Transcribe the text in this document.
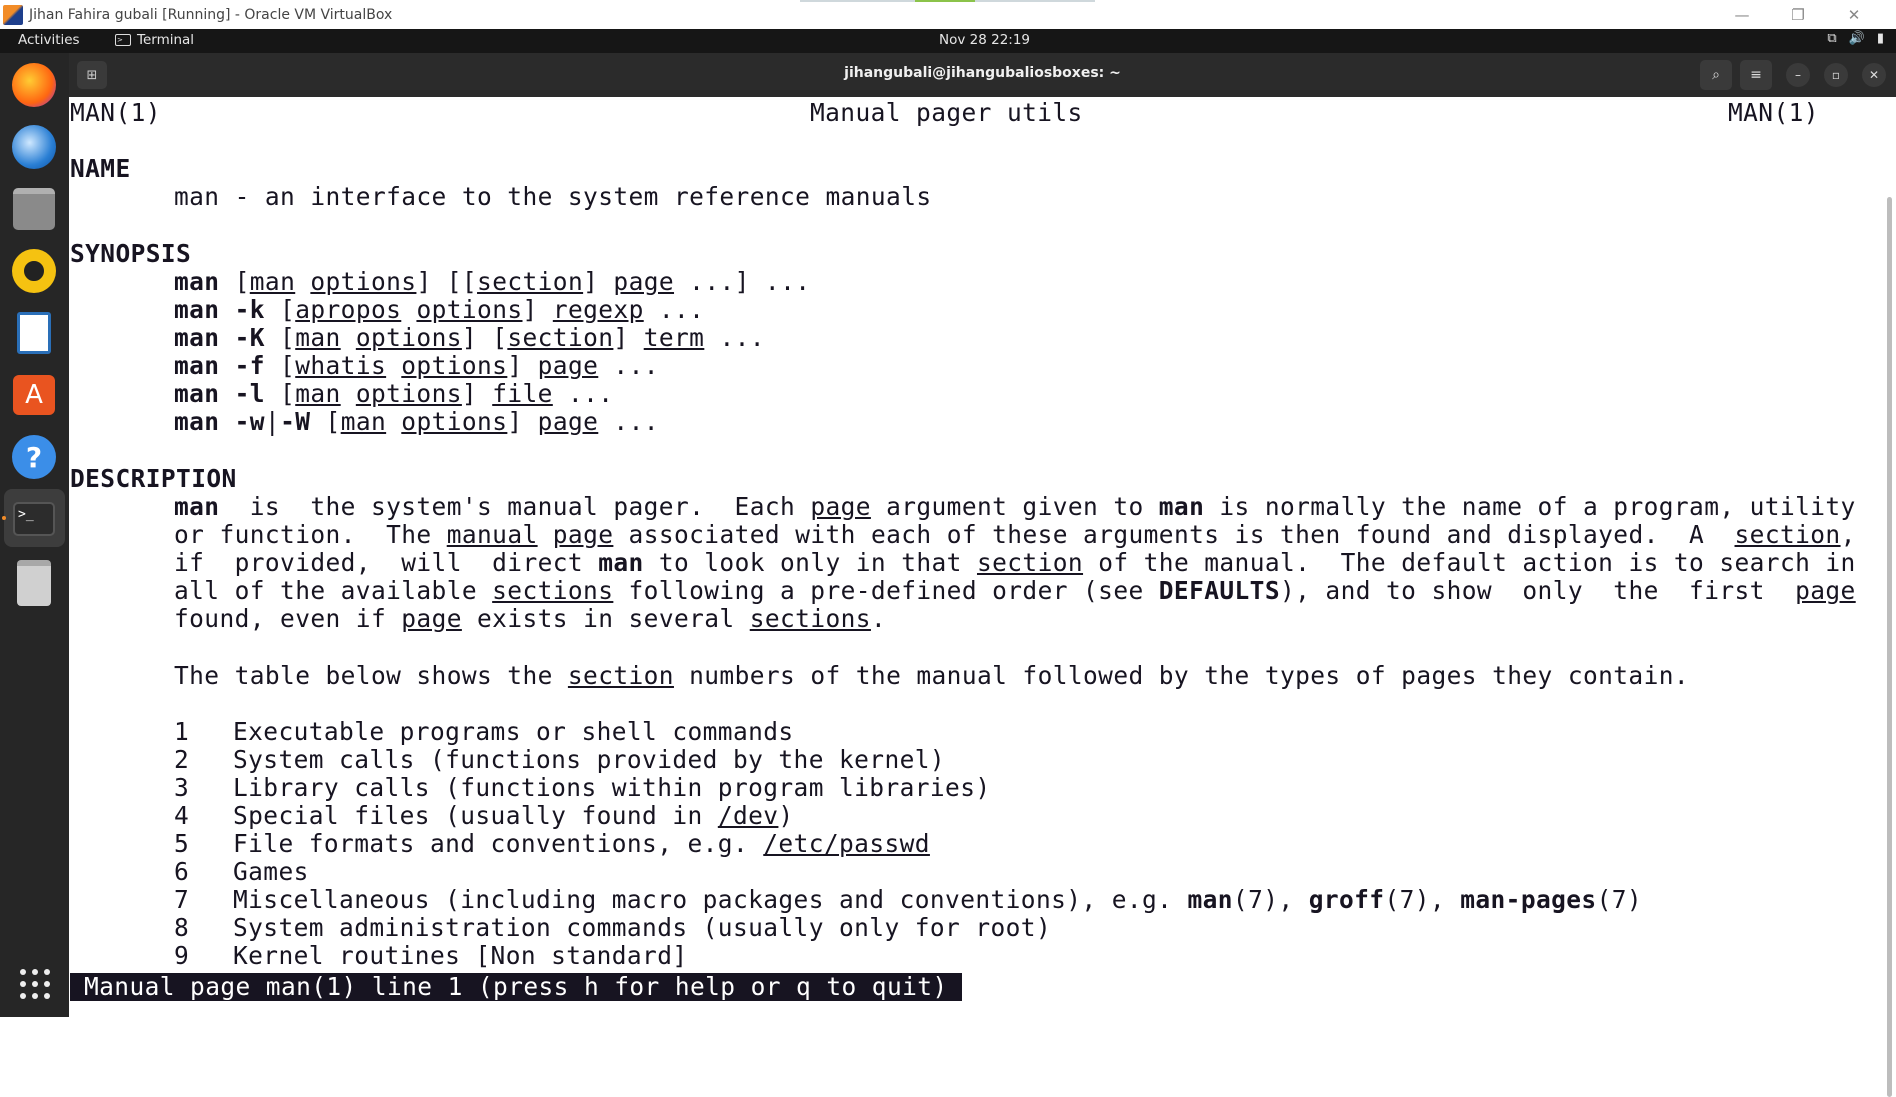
Jihan Fahira gubali [Running] - Oracle VM VirtualBox	—	❐	✕
Activities	>	Terminal	Nov 28 22:19	⧉ 🔊 ▮
A
?
>_
⊞	jihangubali@jihangubaliosboxes: ~	⌕ ≡	–	▫	✕
MAN(1)	Manual pager utils	MAN(1)
NAME
man - an interface to the system reference manuals
SYNOPSIS
man [man options] [[section] page ...] ...
man -k [apropos options] regexp ...
man -K [man options] [section] term ...
man -f [whatis options] page ...
man -l [man options] file ...
man -w|-W [man options] page ...
DESCRIPTION
man  is  the system's manual pager.  Each page argument given to man is normally the name of a program, utility
or function.  The manual page associated with each of these arguments is then found and displayed.  A  section,
if  provided,  will  direct man to look only in that section of the manual.  The default action is to search in
all of the available sections following a pre-defined order (see DEFAULTS), and to show  only  the  first  page
found, even if page exists in several sections.
The table below shows the section numbers of the manual followed by the types of pages they contain.
1 Executable programs or shell commands
2 System calls (functions provided by the kernel)
3 Library calls (functions within program libraries)
4 Special files (usually found in /dev)
5 File formats and conventions, e.g. /etc/passwd
6 Games
7 Miscellaneous (including macro packages and conventions), e.g. man(7), groff(7), man-pages(7)
8 System administration commands (usually only for root)
9 Kernel routines [Non standard]
Manual page man(1) line 1 (press h for help or q to quit)
